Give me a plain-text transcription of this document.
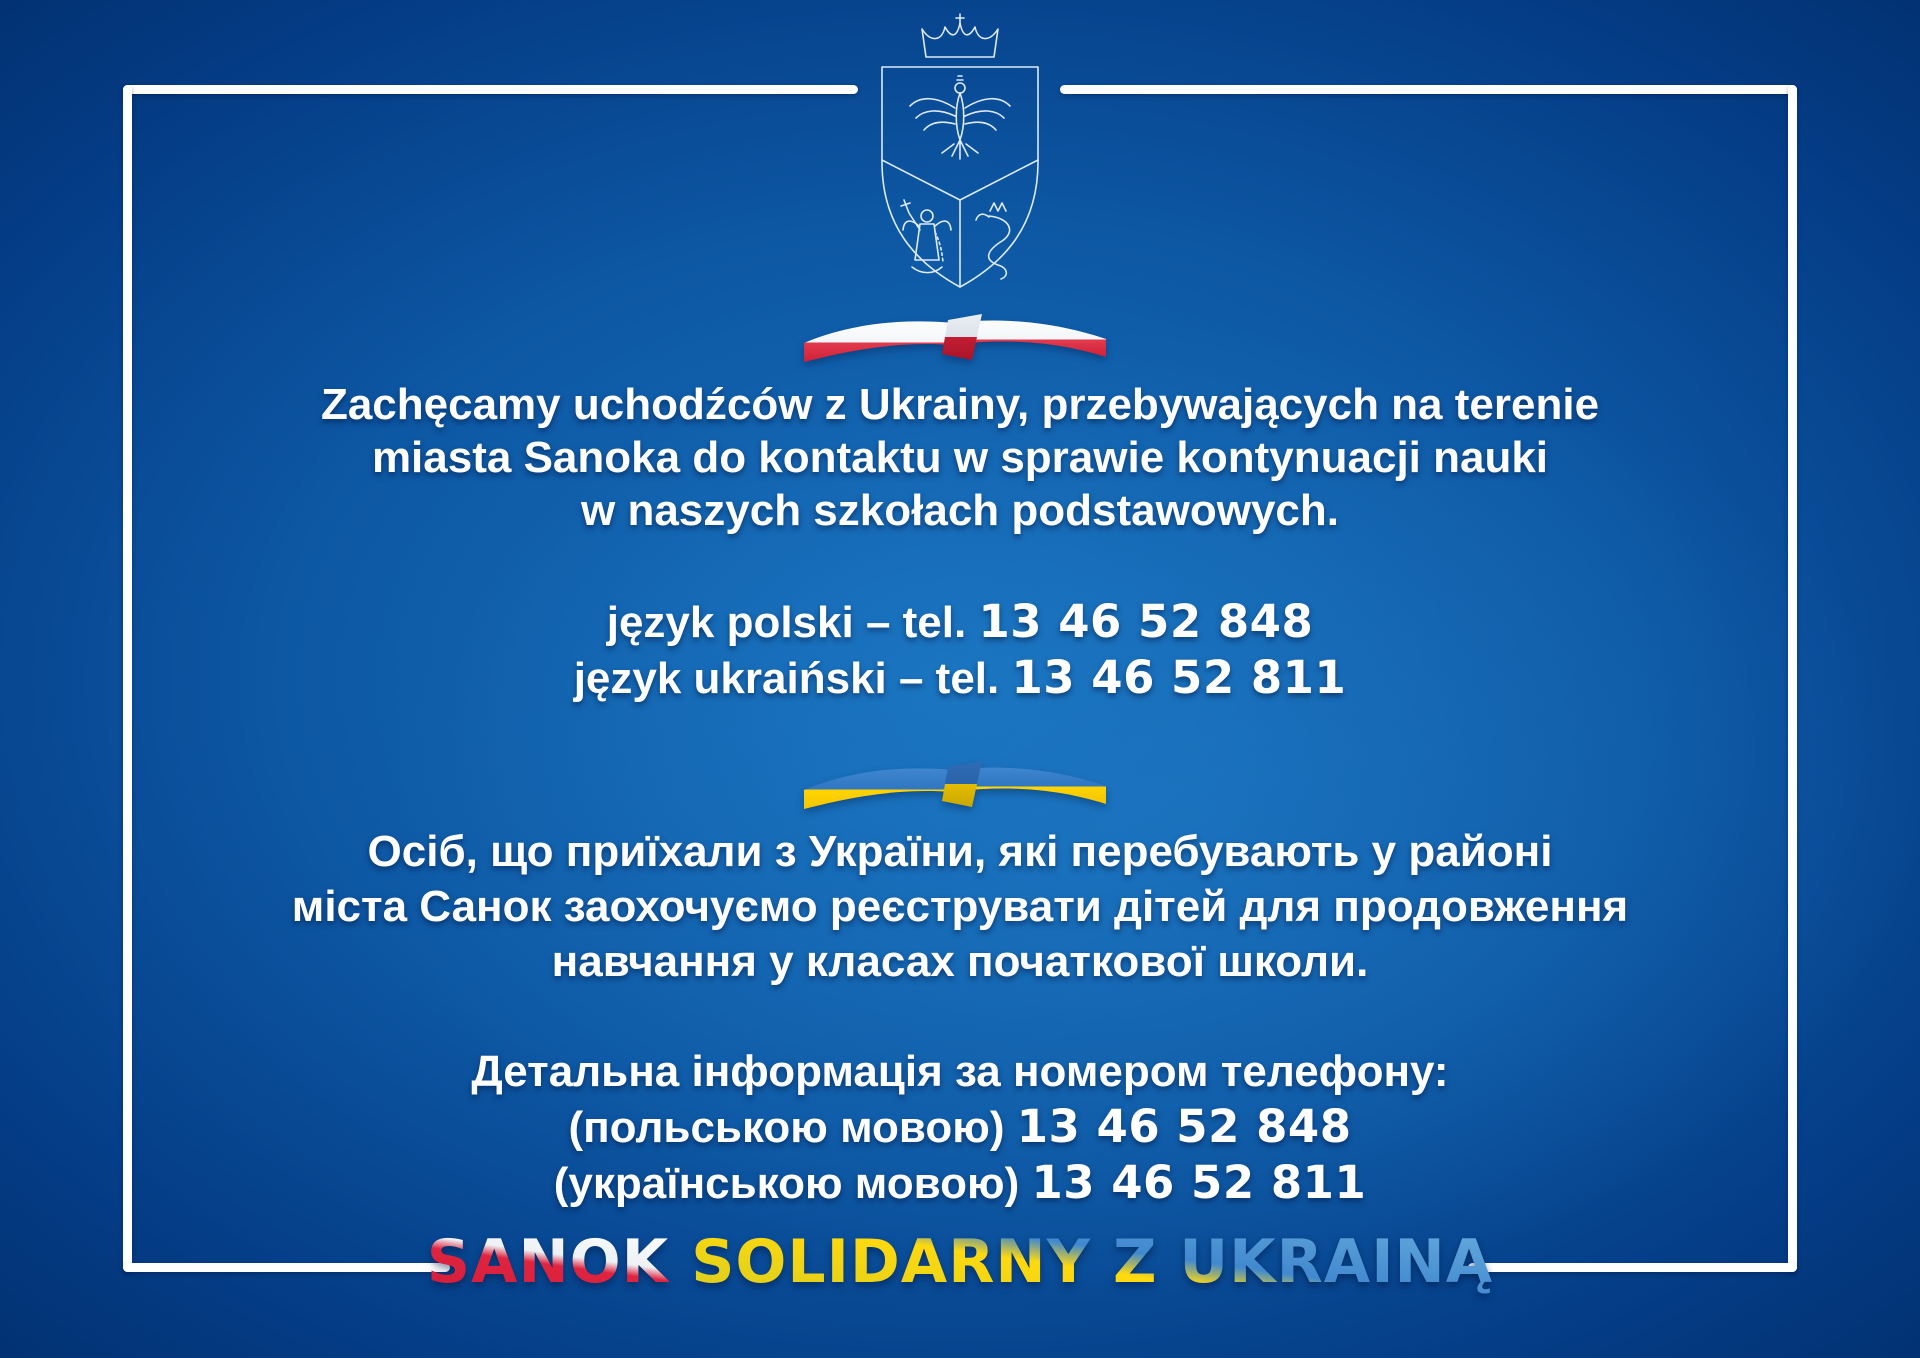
Zachęcamy uchodźców z Ukrainy, przebywających na terenie
miasta Sanoka do kontaktu w sprawie kontynuacji nauki
w naszych szkołach podstawowych.
język polski – tel. 13 46 52 848
język ukraiński – tel. 13 46 52 811
Осіб, що приїхали з України, які перебувають у районі
міста Санок заохочуємо реєструвати дітей для продовження
навчання у класах початкової школи.
Детальна інформація за номером телефону:
(польською мовою) 13 46 52 848
(українською мовою) 13 46 52 811
SANOK SOLIDARNY Z UKRAINĄ
